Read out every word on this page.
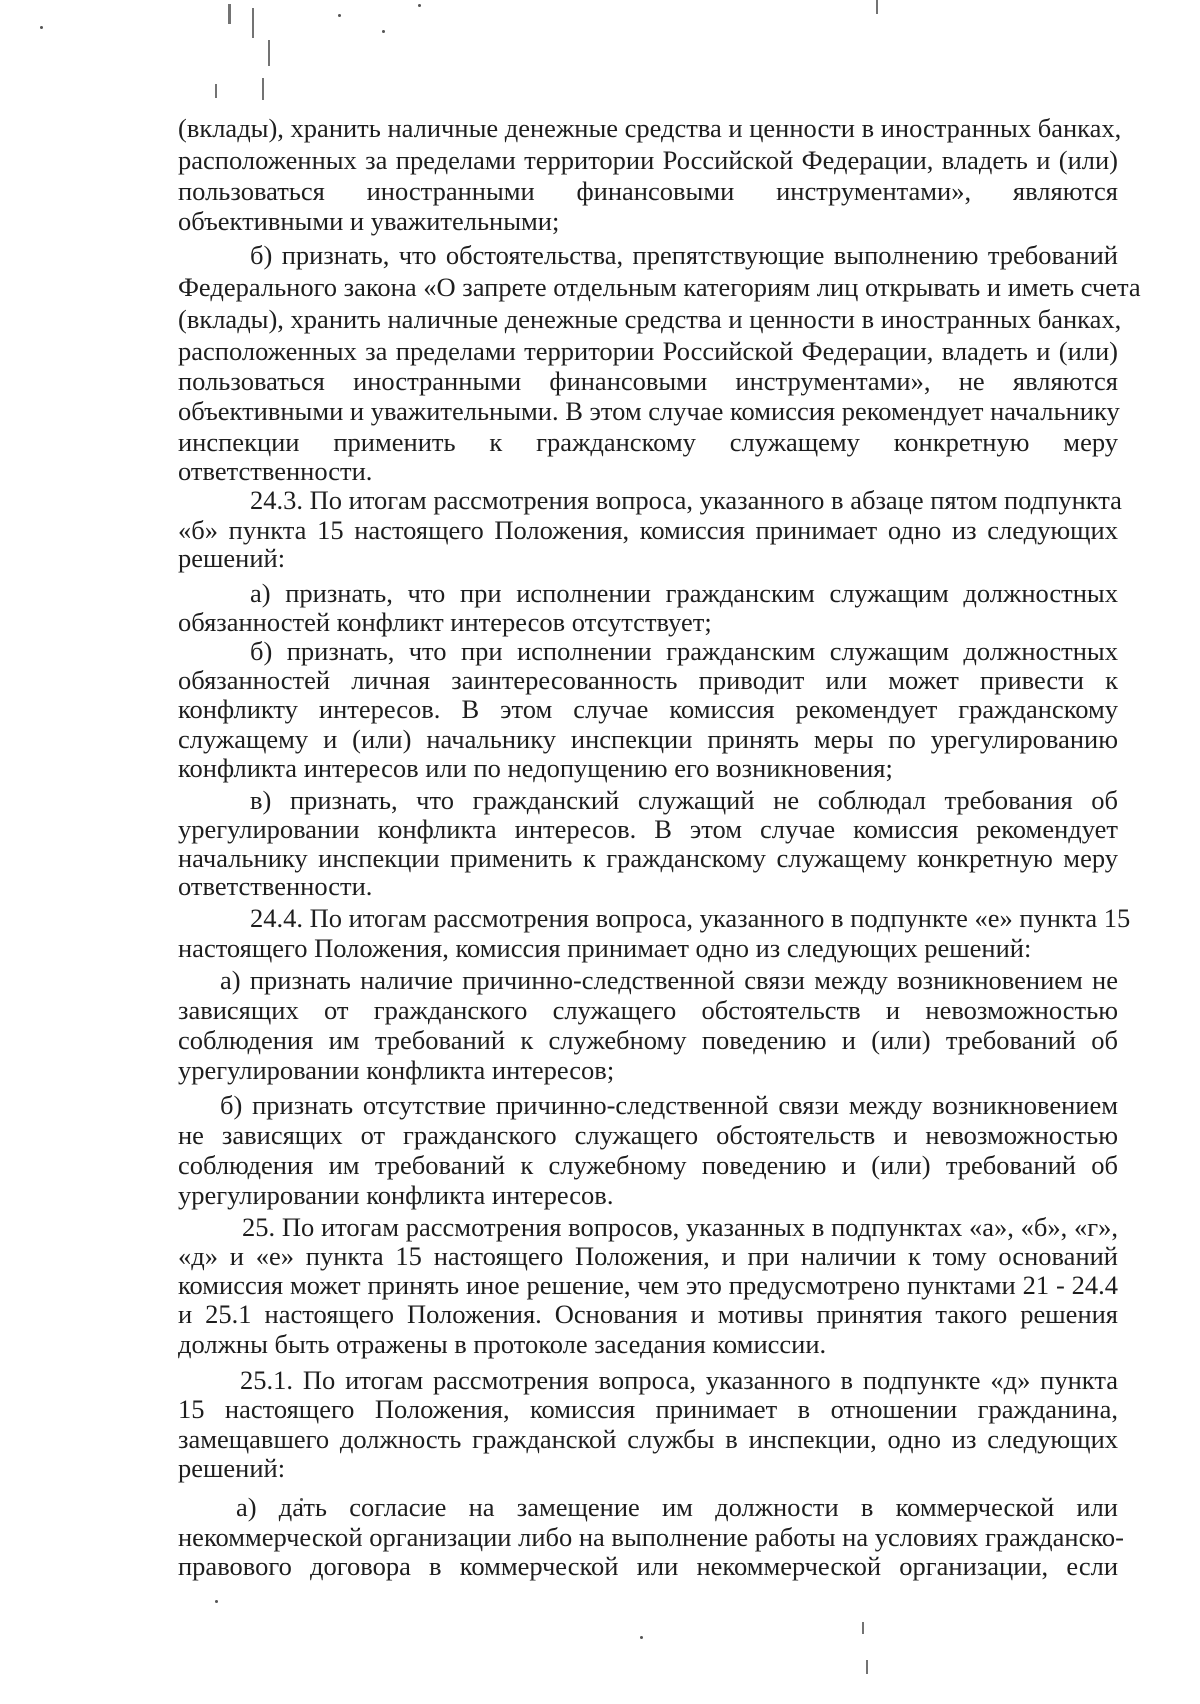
(вклады), хранить наличные денежные средства и ценности в иностранных банках,
расположенных за пределами территории Российской Федерации, владеть и (или)
пользоваться иностранными финансовыми инструментами», являются
объективными и уважительными;
б) признать, что обстоятельства, препятствующие выполнению требований
Федерального закона «О запрете отдельным категориям лиц открывать и иметь счета
(вклады), хранить наличные денежные средства и ценности в иностранных банках,
расположенных за пределами территории Российской Федерации, владеть и (или)
пользоваться иностранными финансовыми инструментами», не являются
объективными и уважительными. В этом случае комиссия рекомендует начальнику
инспекции применить к гражданскому служащему конкретную меру
ответственности.
24.3. По итогам рассмотрения вопроса, указанного в абзаце пятом подпункта
«б» пункта 15 настоящего Положения, комиссия принимает одно из следующих
решений:
а) признать, что при исполнении гражданским служащим должностных
обязанностей конфликт интересов отсутствует;
б) признать, что при исполнении гражданским служащим должностных
обязанностей личная заинтересованность приводит или может привести к
конфликту интересов. В этом случае комиссия рекомендует гражданскому
служащему и (или) начальнику инспекции принять меры по урегулированию
конфликта интересов или по недопущению его возникновения;
в) признать, что гражданский служащий не соблюдал требования об
урегулировании конфликта интересов. В этом случае комиссия рекомендует
начальнику инспекции применить к гражданскому служащему конкретную меру
ответственности.
24.4. По итогам рассмотрения вопроса, указанного в подпункте «е» пункта 15
настоящего Положения, комиссия принимает одно из следующих решений:
а) признать наличие причинно-следственной связи между возникновением не
зависящих от гражданского служащего обстоятельств и невозможностью
соблюдения им требований к служебному поведению и (или) требований об
урегулировании конфликта интересов;
б) признать отсутствие причинно-следственной связи между возникновением
не зависящих от гражданского служащего обстоятельств и невозможностью
соблюдения им требований к служебному поведению и (или) требований об
урегулировании конфликта интересов.
25. По итогам рассмотрения вопросов, указанных в подпунктах «а», «б», «г»,
«д» и «е» пункта 15 настоящего Положения, и при наличии к тому оснований
комиссия может принять иное решение, чем это предусмотрено пунктами 21 - 24.4
и 25.1 настоящего Положения. Основания и мотивы принятия такого решения
должны быть отражены в протоколе заседания комиссии.
25.1. По итогам рассмотрения вопроса, указанного в подпункте «д» пункта
15 настоящего Положения, комиссия принимает в отношении гражданина,
замещавшего должность гражданской службы в инспекции, одно из следующих
решений:
а) дать согласие на замещение им должности в коммерческой или
некоммерческой организации либо на выполнение работы на условиях гражданско-
правового договора в коммерческой или некоммерческой организации, если
